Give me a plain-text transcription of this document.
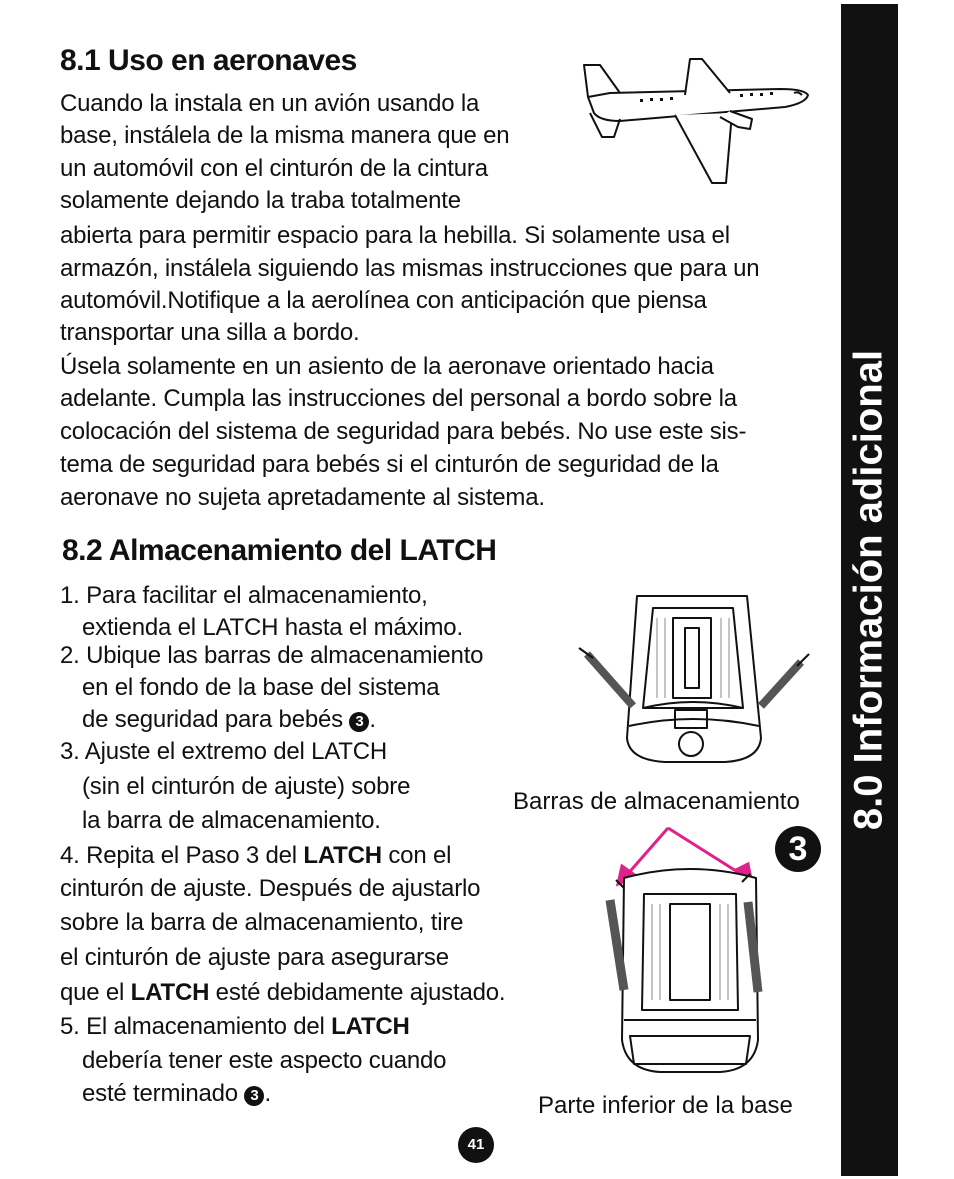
8.0 Información adicional
8.1 Uso en aeronaves
Cuando la instala en un avión usando la
base, instálela de la misma manera que en
un automóvil con el cinturón de la cintura
solamente dejando la traba totalmente
abierta para permitir espacio para la hebilla. Si solamente usa el
armazón, instálela siguiendo las mismas instrucciones que para un
automóvil.Notifique a la aerolínea con anticipación que piensa
transportar una silla a bordo.
Úsela solamente en un asiento de la aeronave orientado hacia
adelante. Cumpla las instrucciones del personal a bordo sobre la
colocación del sistema de seguridad para bebés. No use este sis-
tema de seguridad para bebés si el cinturón de seguridad de la
aeronave no sujeta apretadamente al sistema.
8.2 Almacenamiento del LATCH
1. Para facilitar el almacenamiento,
extienda el LATCH hasta el máximo.
2. Ubique las barras de almacenamiento
en el fondo de la base del sistema
de seguridad para bebés 3 .
3. Ajuste el extremo del LATCH
(sin el cinturón de ajuste) sobre
la barra de almacenamiento.
4. Repita el Paso 3 del LATCH con el
cinturón de ajuste. Después de ajustarlo
sobre la barra de almacenamiento, tire
el cinturón de ajuste para asegurarse
que el LATCH esté debidamente ajustado.
5. El almacenamiento del LATCH
debería tener este aspecto cuando
esté terminado 3 .
Barras de almacenamiento
3
Parte inferior de la base
41
